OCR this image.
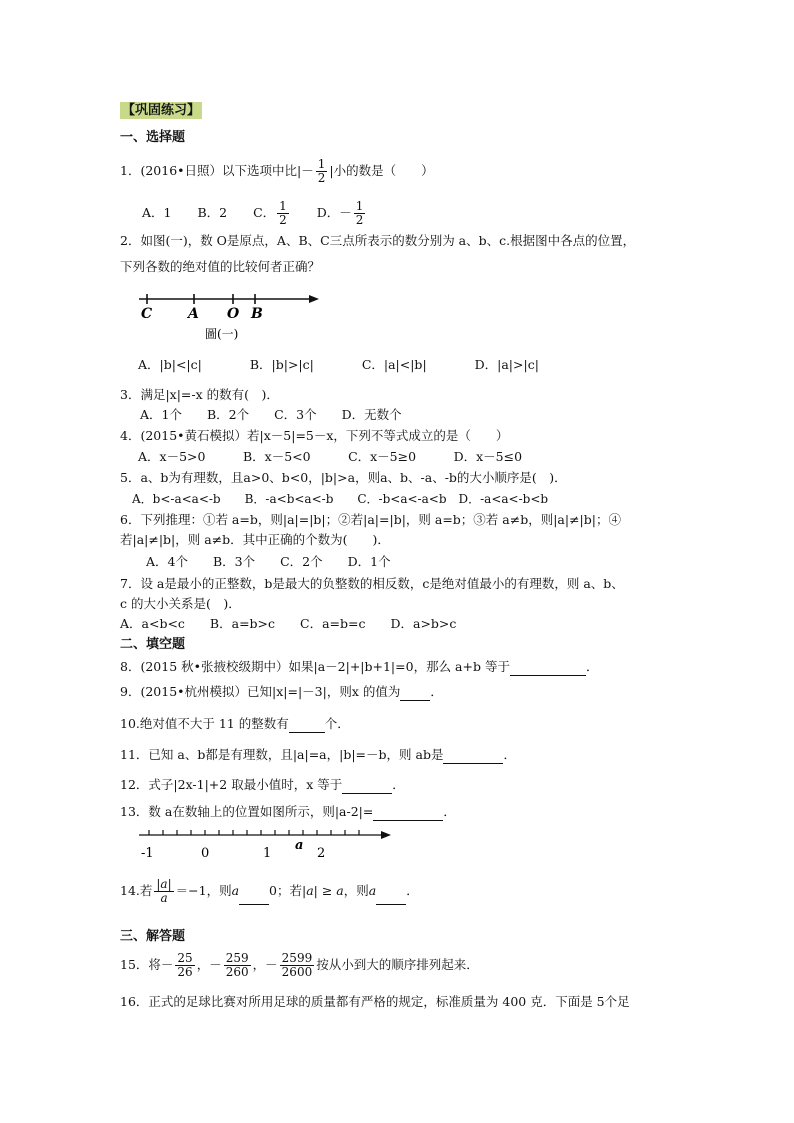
【巩固练习】
一、选择题
1．(2016•日照）以下选项中比|－ $\frac{1}{2}$ |小的数是（　　）
A．1 B．2 C． $\frac{1}{2}$ D．－ $\frac{1}{2}$
2．如图(一)，数 O是原点，A、B、C三点所表示的数分别为 a、b、c.根据图中各点的位置，
下列各数的绝对值的比较何者正确？
C	A O B
圖(一)
A．|b|<|c|	B．|b|>|c|	C．|a|<|b|	D．|a|>|c|
3．满足|x|=-x 的数有(　)．
A．1个　　B．2个　　C．3个　　D．无数个
4．(2015•黄石模拟）若|x－5|=5－x，下列不等式成立的是（　　）
A．x－5>0　　　B．x－5<0　　　C．x－5≥0　　　D．x－5≤0
5．a、b为有理数，且a>0、b<0，|b|>a，则a、b、-a、-b的大小顺序是(　)．
A．b<-a<a<-b　　B．-a<b<a<-b　　C．-b<a<-a<b　D．-a<a<-b<b
6．下列推理：①若 a=b，则|a|=|b|；②若|a|=|b|，则 a=b；③若 a≠b，则|a|≠|b|；④
若|a|≠|b|，则 a≠b．其中正确的个数为(　　)．
A．4个　　B．3个　　C．2个　　D．1个
7．设 a是最小的正整数，b是最大的负整数的相反数，c是绝对值最小的有理数，则 a、b、
c 的大小关系是(　)．
A．a<b<c　　B．a=b>c　　C．a=b=c　　D．a>b>c
二、填空题
8．(2015 秋•张掖校级期中）如果|a－2|+|b+1|=0，那么 a+b 等于	．
9．(2015•杭州模拟）已知|x|=|－3|，则x 的值为 ．
10.绝对值不大于 11 的整数有	个．
11．已知 a、b都是有理数，且|a|=a，|b|=－b，则 ab是	．
12．式子|2x-1|+2 取最小值时，x 等于	．
13．数 a在数轴上的位置如图所示，则|a-2|=	．
-1	0	1	2
a
14.若 $\frac{|a|}{a} =-1$，则a 0；若|a| ≥ a，则a ．
三、解答题
15．将－ $\frac{25}{26}$ ，－ $\frac{259}{260}$ ，－ $\frac{2599}{2600}$ 按从小到大的顺序排列起来．
16．正式的足球比赛对所用足球的质量都有严格的规定，标准质量为 400 克．下面是 5个足
